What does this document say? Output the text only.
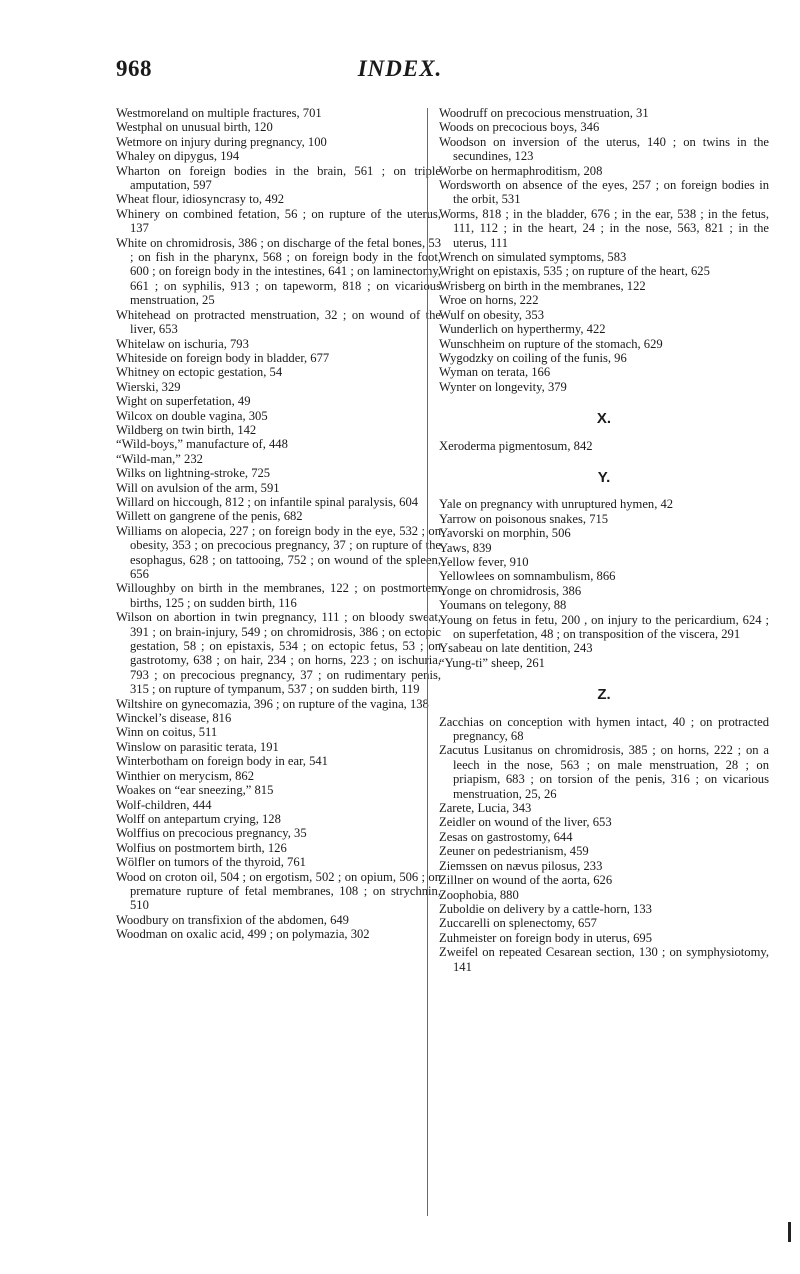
968	INDEX.

Westmoreland on multiple fractures, 701

Westphal on unusual birth, 120

Wetmore on injury during pregnancy, 100

Whaley on dipygus, 194

Wharton on foreign bodies in the brain, 561 ; on triple amputation, 597

Wheat flour, idiosyncrasy to, 492

Whinery on combined fetation, 56 ; on rupture of the uterus, 137

White on chromidrosis, 386 ; on discharge of the fetal bones, 53 ; on fish in the pharynx, 568 ; on foreign body in the foot, 600 ; on foreign body in the intestines, 641 ; on laminectomy, 661 ; on syphilis, 913 ; on tapeworm, 818 ; on vicarious menstruation, 25

Whitehead on protracted menstruation, 32 ; on wound of the liver, 653

Whitelaw on ischuria, 793

Whiteside on foreign body in bladder, 677

Whitney on ectopic gestation, 54

Wierski, 329

Wight on superfetation, 49

Wilcox on double vagina, 305

Wildberg on twin birth, 142

“Wild-boys,” manufacture of, 448

“Wild-man,” 232

Wilks on lightning-stroke, 725

Will on avulsion of the arm, 591

Willard on hiccough, 812 ; on infantile spinal paralysis, 604

Willett on gangrene of the penis, 682

Williams on alopecia, 227 ; on foreign body in the eye, 532 ; on obesity, 353 ; on precocious pregnancy, 37 ; on rupture of the esophagus, 628 ; on tattooing, 752 ; on wound of the spleen, 656

Willoughby on birth in the membranes, 122 ; on postmortem births, 125 ; on sudden birth, 116

Wilson on abortion in twin pregnancy, 111 ; on bloody sweat, 391 ; on brain-injury, 549 ; on chromidrosis, 386 ; on ectopic gestation, 58 ; on epistaxis, 534 ; on ectopic fetus, 53 ; on gastrotomy, 638 ; on hair, 234 ; on horns, 223 ; on ischuria, 793 ; on precocious pregnancy, 37 ; on rudimentary penis, 315 ; on rupture of tympanum, 537 ; on sudden birth, 119

Wiltshire on gynecomazia, 396 ; on rupture of the vagina, 138

Winckel’s disease, 816

Winn on coitus, 511

Winslow on parasitic terata, 191

Winterbotham on foreign body in ear, 541

Winthier on merycism, 862

Woakes on “ear sneezing,” 815

Wolf-children, 444

Wolff on antepartum crying, 128

Wolffius on precocious pregnancy, 35

Wolfius on postmortem birth, 126

Wölfler on tumors of the thyroid, 761

Wood on croton oil, 504 ; on ergotism, 502 ; on opium, 506 ; on premature rupture of fetal membranes, 108 ; on strychnin, 510

Woodbury on transfixion of the abdomen, 649

Woodman on oxalic acid, 499 ; on polymazia, 302

Woodruff on precocious menstruation, 31

Woods on precocious boys, 346

Woodson on inversion of the uterus, 140 ; on twins in the secundines, 123

Worbe on hermaphroditism, 208

Wordsworth on absence of the eyes, 257 ; on foreign bodies in the orbit, 531

Worms, 818 ; in the bladder, 676 ; in the ear, 538 ; in the fetus, 111, 112 ; in the heart, 24 ; in the nose, 563, 821 ; in the uterus, 111

Wrench on simulated symptoms, 583

Wright on epistaxis, 535 ; on rupture of the heart, 625

Wrisberg on birth in the membranes, 122

Wroe on horns, 222

Wulf on obesity, 353

Wunderlich on hyperthermy, 422

Wunschheim on rupture of the stomach, 629

Wygodzky on coiling of the funis, 96

Wyman on terata, 166

Wynter on longevity, 379

X.

Xeroderma pigmentosum, 842

Y.

Yale on pregnancy with unruptured hymen, 42

Yarrow on poisonous snakes, 715

Yavorski on morphin, 506

Yaws, 839

Yellow fever, 910

Yellowlees on somnambulism, 866

Yonge on chromidrosis, 386

Youmans on telegony, 88

Young on fetus in fetu, 200 , on injury to the pericardium, 624 ; on superfetation, 48 ; on transposition of the viscera, 291

Ysabeau on late dentition, 243

“Yung-ti” sheep, 261

Z.

Zacchias on conception with hymen intact, 40 ; on protracted pregnancy, 68

Zacutus Lusitanus on chromidrosis, 385 ; on horns, 222 ; on a leech in the nose, 563 ; on male menstruation, 28 ; on priapism, 683 ; on torsion of the penis, 316 ; on vicarious menstruation, 25, 26

Zarete, Lucia, 343

Zeidler on wound of the liver, 653

Zesas on gastrostomy, 644

Zeuner on pedestrianism, 459

Ziemssen on nævus pilosus, 233

Zillner on wound of the aorta, 626

Zoophobia, 880

Zuboldie on delivery by a cattle-horn, 133

Zuccarelli on splenectomy, 657

Zuhmeister on foreign body in uterus, 695

Zweifel on repeated Cesarean section, 130 ; on symphysiotomy, 141
